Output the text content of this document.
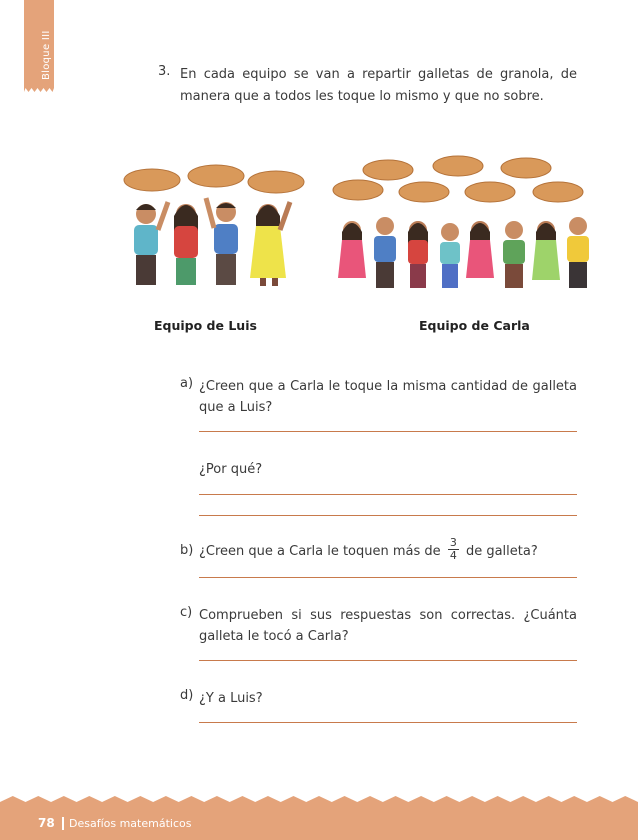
Bloque III	3. En cada equipo se van a repartir galletas de granola, de manera que a todos les toque lo mismo y que no sobre.
Equipo de Luis	Equipo de Carla
a) ¿Creen que a Carla le toque la misma cantidad de galleta que a Luis?
¿Por qué?
b) ¿Creen que a Carla le toquen más de $\frac{3}{4}$ de galleta?
c) Comprueben si sus respuestas son correctas. ¿Cuánta galleta le tocó a Carla?
d) ¿Y a Luis?
78 Desafíos matemáticos
